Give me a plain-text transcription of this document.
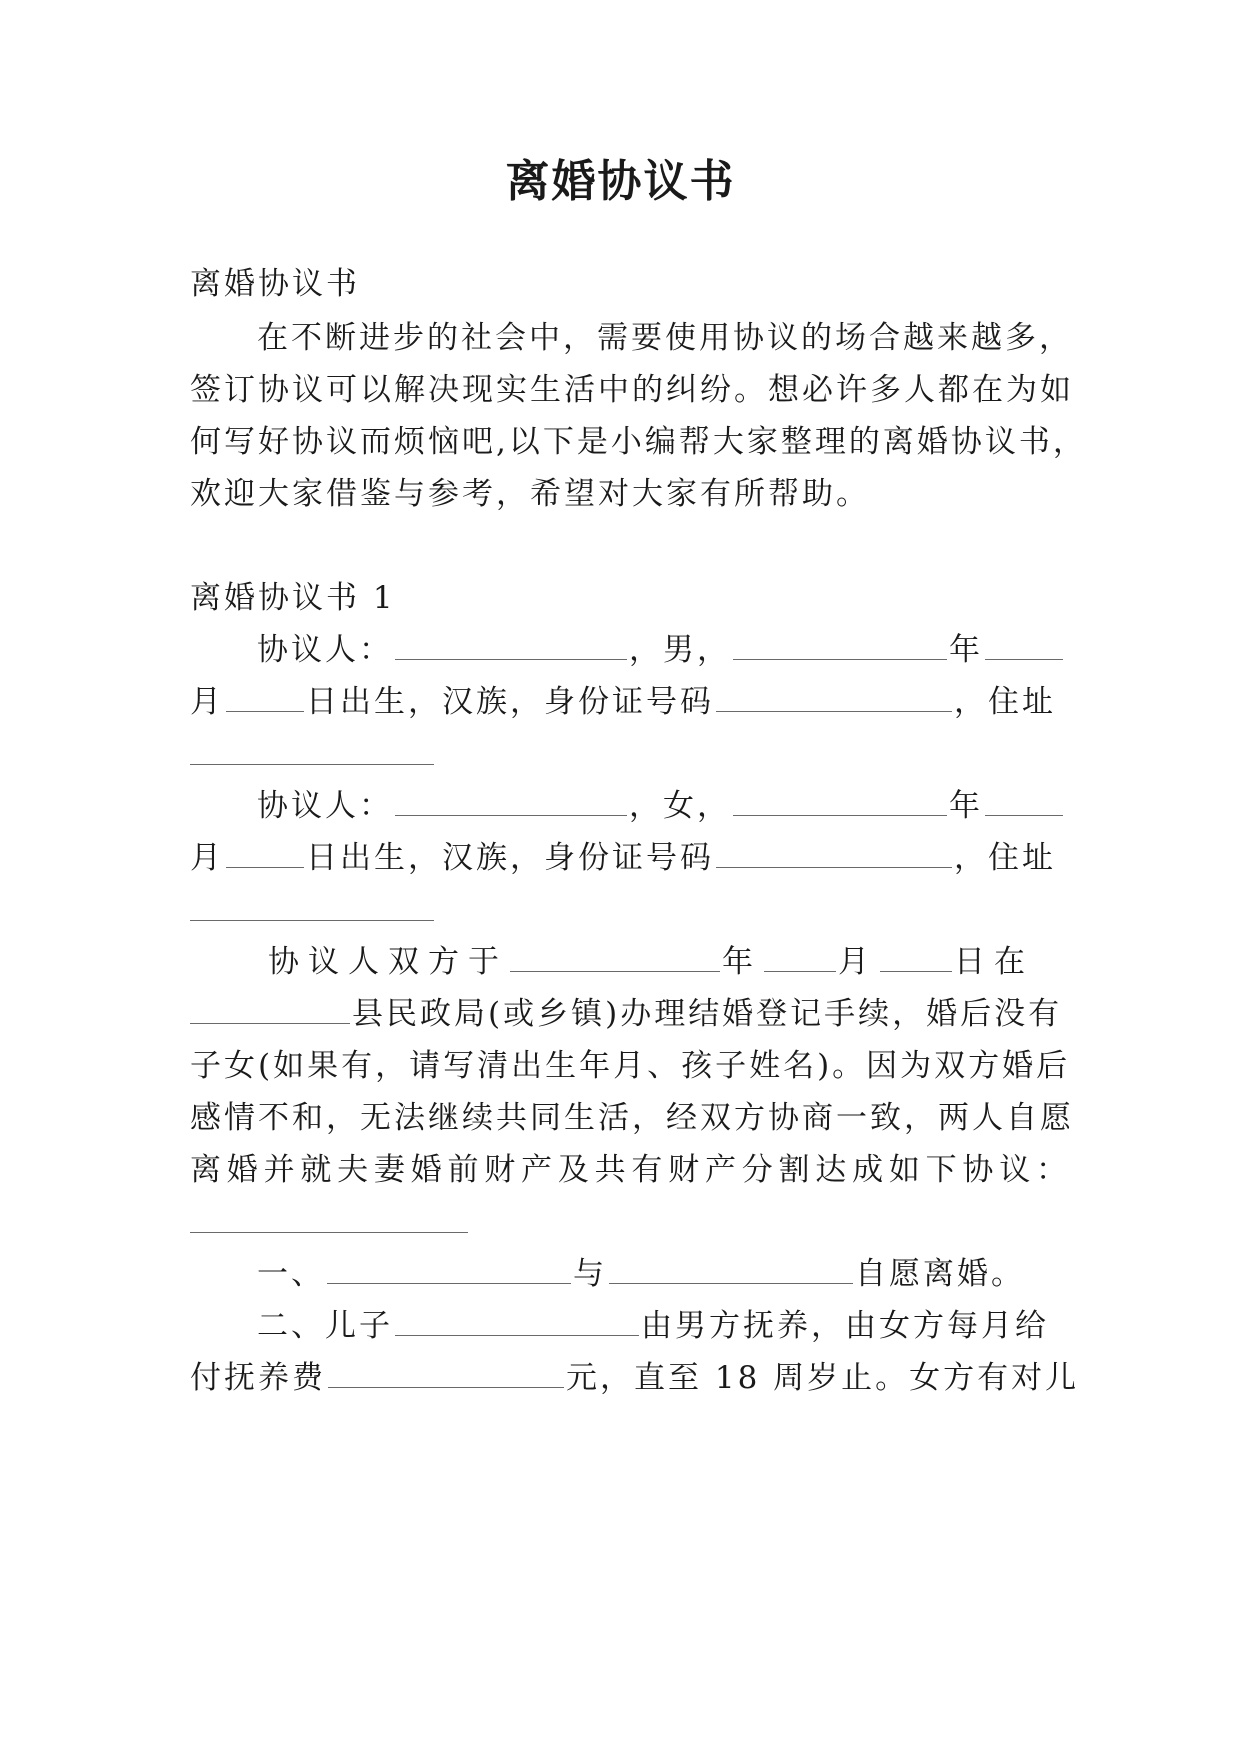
离婚协议书
离婚协议书
在不断进步的社会中，需要使用协议的场合越来越多，
签订协议可以解决现实生活中的纠纷。想必许多人都在为如
何写好协议而烦恼吧,以下是小编帮大家整理的离婚协议书，
欢迎大家借鉴与参考，希望对大家有所帮助。
离婚协议书 1
协议人：	，男，	年
月	日出生，汉族，身份证号码	，住址
协议人：	，女，	年
月	日出生，汉族，身份证号码	，住址
协议人双方于	年 月 日在
县民政局(或乡镇)办理结婚登记手续，婚后没有
子女(如果有，请写清出生年月、孩子姓名)。因为双方婚后
感情不和，无法继续共同生活，经双方协商一致，两人自愿
离婚并就夫妻婚前财产及共有财产分割达成如下协议：
一、	与	自愿离婚。
二、儿子	由男方抚养，由女方每月给
付抚养费	元，直至 18 周岁止。女方有对儿
